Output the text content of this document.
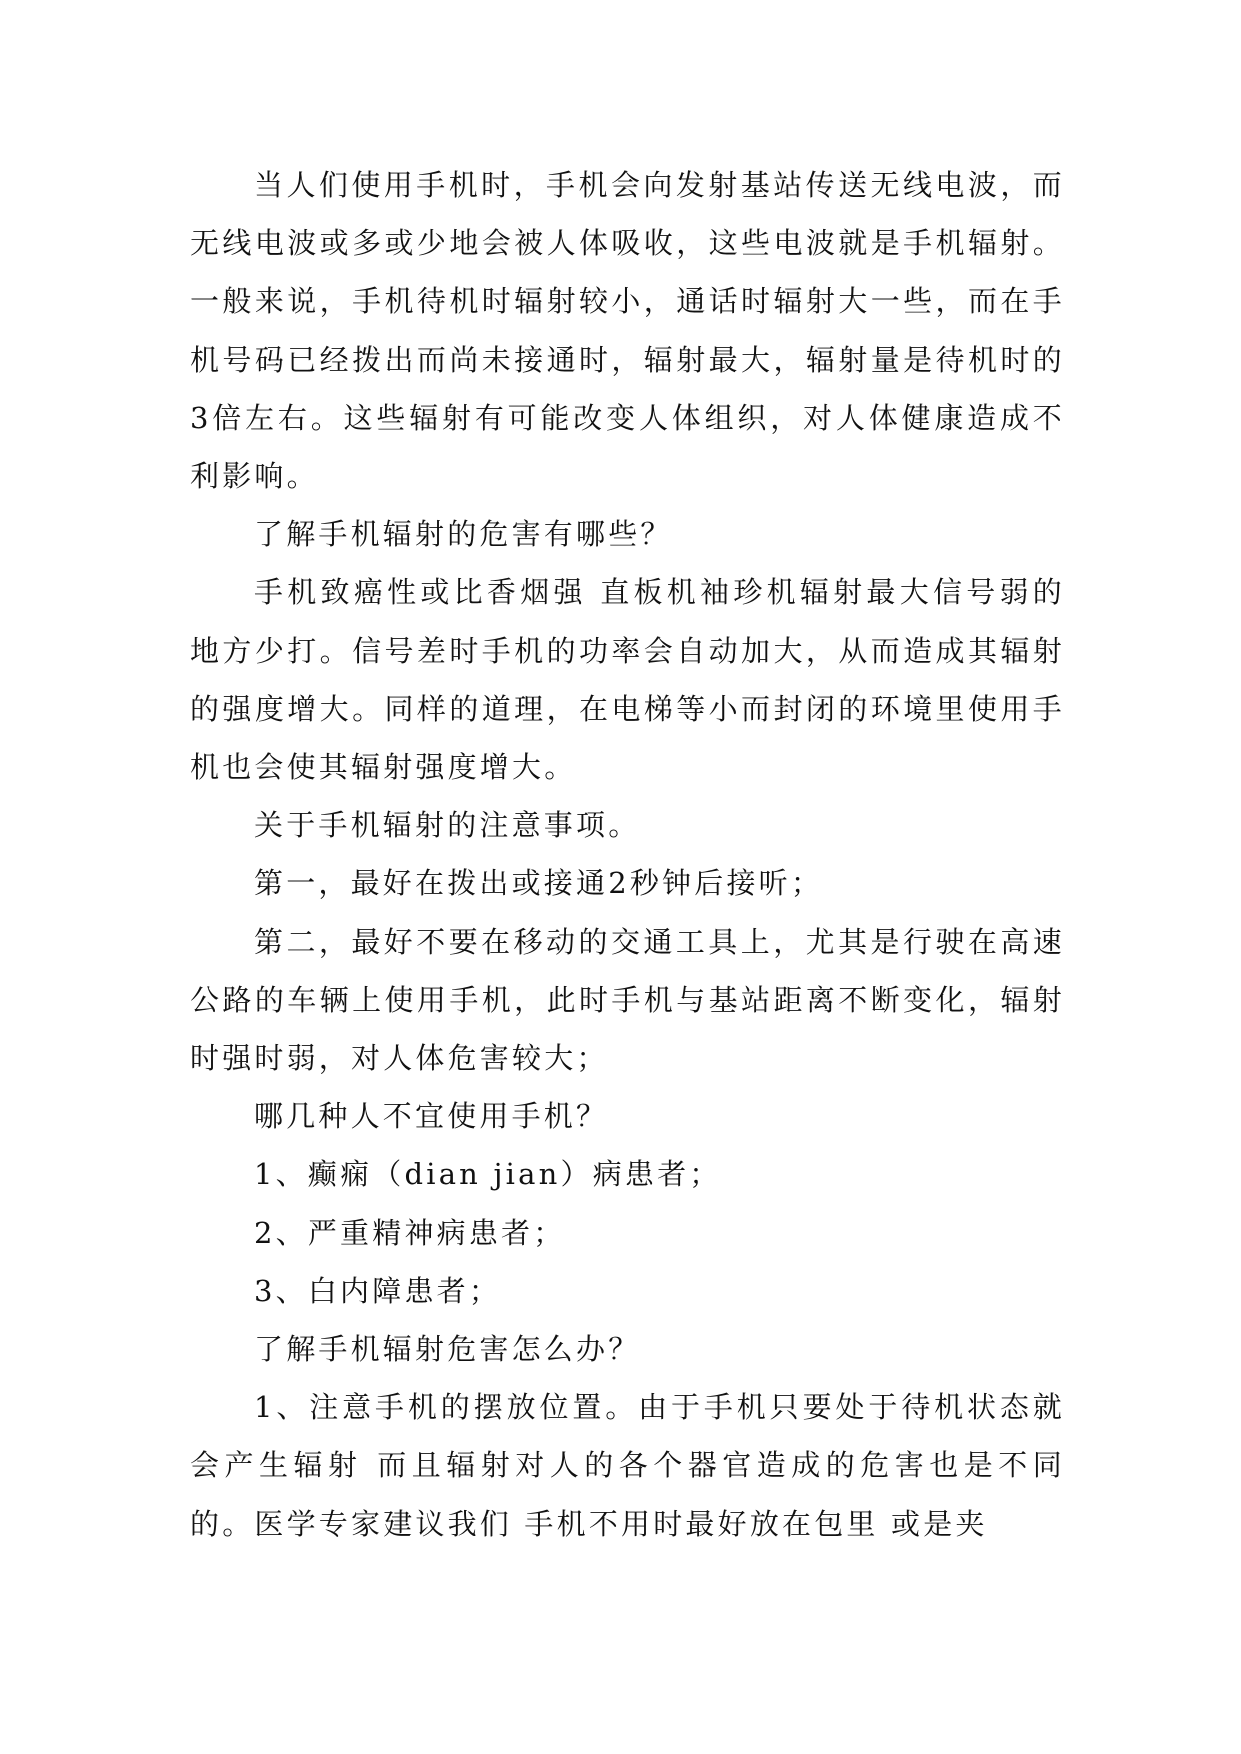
当人们使用手机时，手机会向发射基站传送无线电波，而无线电波或多或少地会被人体吸收，这些电波就是手机辐射。 一般来说，手机待机时辐射较小，通话时辐射大一些，而在手机号码已经拨出而尚未接通时，辐射最大，辐射量是待机时的3倍左右。这些辐射有可能改变人体组织，对人体健康造成不利影响。

了解手机辐射的危害有哪些？

手机致癌性或比香烟强 直板机袖珍机辐射最大信号弱的地方少打。信号差时手机的功率会自动加大，从而造成其辐射的强度增大。同样的道理，在电梯等小而封闭的环境里使用手机也会使其辐射强度增大。

关于手机辐射的注意事项。

第一，最好在拨出或接通2秒钟后接听；

第二，最好不要在移动的交通工具上，尤其是行驶在高速公路的车辆上使用手机，此时手机与基站距离不断变化，辐射时强时弱，对人体危害较大；

哪几种人不宜使用手机？

1、癫痫（dian jian）病患者；

2、严重精神病患者；

3、白内障患者；

了解手机辐射危害怎么办？

1、注意手机的摆放位置。由于手机只要处于待机状态就会产生辐射 而且辐射对人的各个器官造成的危害也是不同的。医学专家建议我们 手机不用时最好放在包里 或是夹
